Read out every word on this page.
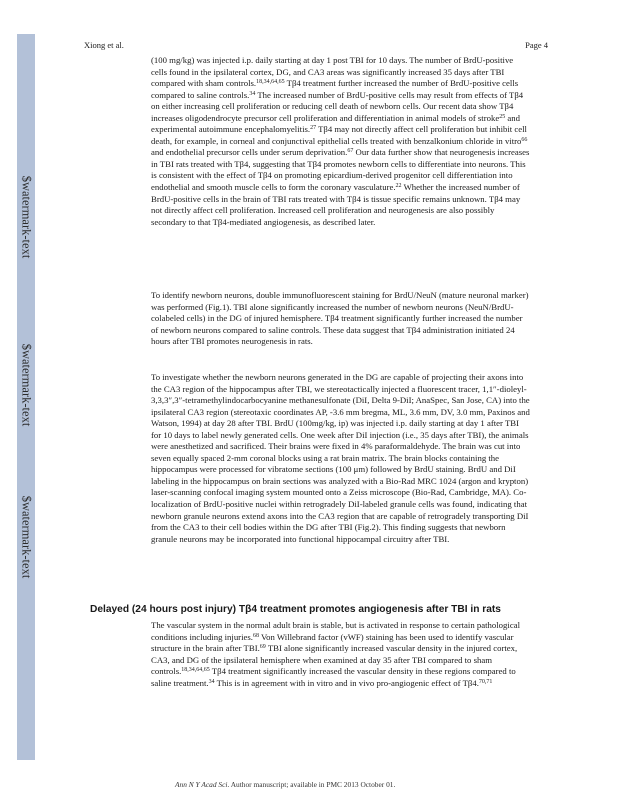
$watermark-text
$watermark-text
$watermark-text
Xiong et al.	Page 4

(100 mg/kg) was injected i.p. daily starting at day 1 post TBI for 10 days. The number of BrdU-positive cells found in the ipsilateral cortex, DG, and CA3 areas was significantly increased 35 days after TBI compared with sham controls.$^{18,34,64,65}$ Tβ4 treatment further increased the number of BrdU-positive cells compared to saline controls.$^{34}$ The increased number of BrdU-positive cells may result from effects of Tβ4 on either increasing cell proliferation or reducing cell death of newborn cells. Our recent data show Tβ4 increases oligodendrocyte precursor cell proliferation and differentiation in animal models of stroke$^{25}$ and experimental autoimmune encephalomyelitis.$^{27}$ Tβ4 may not directly affect cell proliferation but inhibit cell death, for example, in corneal and conjunctival epithelial cells treated with benzalkonium chloride in vitro$^{66}$ and endothelial precursor cells under serum deprivation.$^{67}$ Our data further show that neurogenesis increases in TBI rats treated with Tβ4, suggesting that Tβ4 promotes newborn cells to differentiate into neurons. This is consistent with the effect of Tβ4 on promoting epicardium-derived progenitor cell differentiation into endothelial and smooth muscle cells to form the coronary vasculature.$^{22}$ Whether the increased number of BrdU-positive cells in the brain of TBI rats treated with Tβ4 is tissue specific remains unknown. Tβ4 may not directly affect cell proliferation. Increased cell proliferation and neurogenesis are also possibly secondary to that Tβ4-mediated angiogenesis, as described later.

To identify newborn neurons, double immunofluorescent staining for BrdU/NeuN (mature neuronal marker) was performed (Fig.1). TBI alone significantly increased the number of newborn neurons (NeuN/BrdU-colabeled cells) in the DG of injured hemisphere. Tβ4 treatment significantly further increased the number of newborn neurons compared to saline controls. These data suggest that Tβ4 administration initiated 24 hours after TBI promotes neurogenesis in rats.

To investigate whether the newborn neurons generated in the DG are capable of projecting their axons into the CA3 region of the hippocampus after TBI, we stereotactically injected a fluorescent tracer, 1,1″-dioleyl-3,3,3″,3″-tetramethylindocarbocyanine methanesulfonate (DiI, Delta 9-DiI; AnaSpec, San Jose, CA) into the ipsilateral CA3 region (stereotaxic coordinates AP, -3.6 mm bregma, ML, 3.6 mm, DV, 3.0 mm, Paxinos and Watson, 1994) at day 28 after TBI. BrdU (100mg/kg, ip) was injected i.p. daily starting at day 1 after TBI for 10 days to label newly generated cells. One week after DiI injection (i.e., 35 days after TBI), the animals were anesthetized and sacrificed. Their brains were fixed in 4% paraformaldehyde. The brain was cut into seven equally spaced 2-mm coronal blocks using a rat brain matrix. The brain blocks containing the hippocampus were processed for vibratome sections (100 μm) followed by BrdU staining. BrdU and DiI labeling in the hippocampus on brain sections was analyzed with a Bio-Rad MRC 1024 (argon and krypton) laser-scanning confocal imaging system mounted onto a Zeiss microscope (Bio-Rad, Cambridge, MA). Co-localization of BrdU-positive nuclei within retrogradely DiI-labeled granule cells was found, indicating that newborn granule neurons extend axons into the CA3 region that are capable of retrogradely transporting DiI from the CA3 to their cell bodies within the DG after TBI (Fig.2). This finding suggests that newborn granule neurons may be incorporated into functional hippocampal circuitry after TBI.

Delayed (24 hours post injury) Tβ4 treatment promotes angiogenesis after TBI in rats

The vascular system in the normal adult brain is stable, but is activated in response to certain pathological conditions including injuries.$^{68}$ Von Willebrand factor (vWF) staining has been used to identify vascular structure in the brain after TBI.$^{69}$ TBI alone significantly increased vascular density in the injured cortex, CA3, and DG of the ipsilateral hemisphere when examined at day 35 after TBI compared to sham controls.$^{18,34,64,65}$ Tβ4 treatment significantly increased the vascular density in these regions compared to saline treatment.$^{34}$ This is in agreement with in vitro and in vivo pro-angiogenic effect of Tβ4.$^{70,71}$

Ann N Y Acad Sci. Author manuscript; available in PMC 2013 October 01.
